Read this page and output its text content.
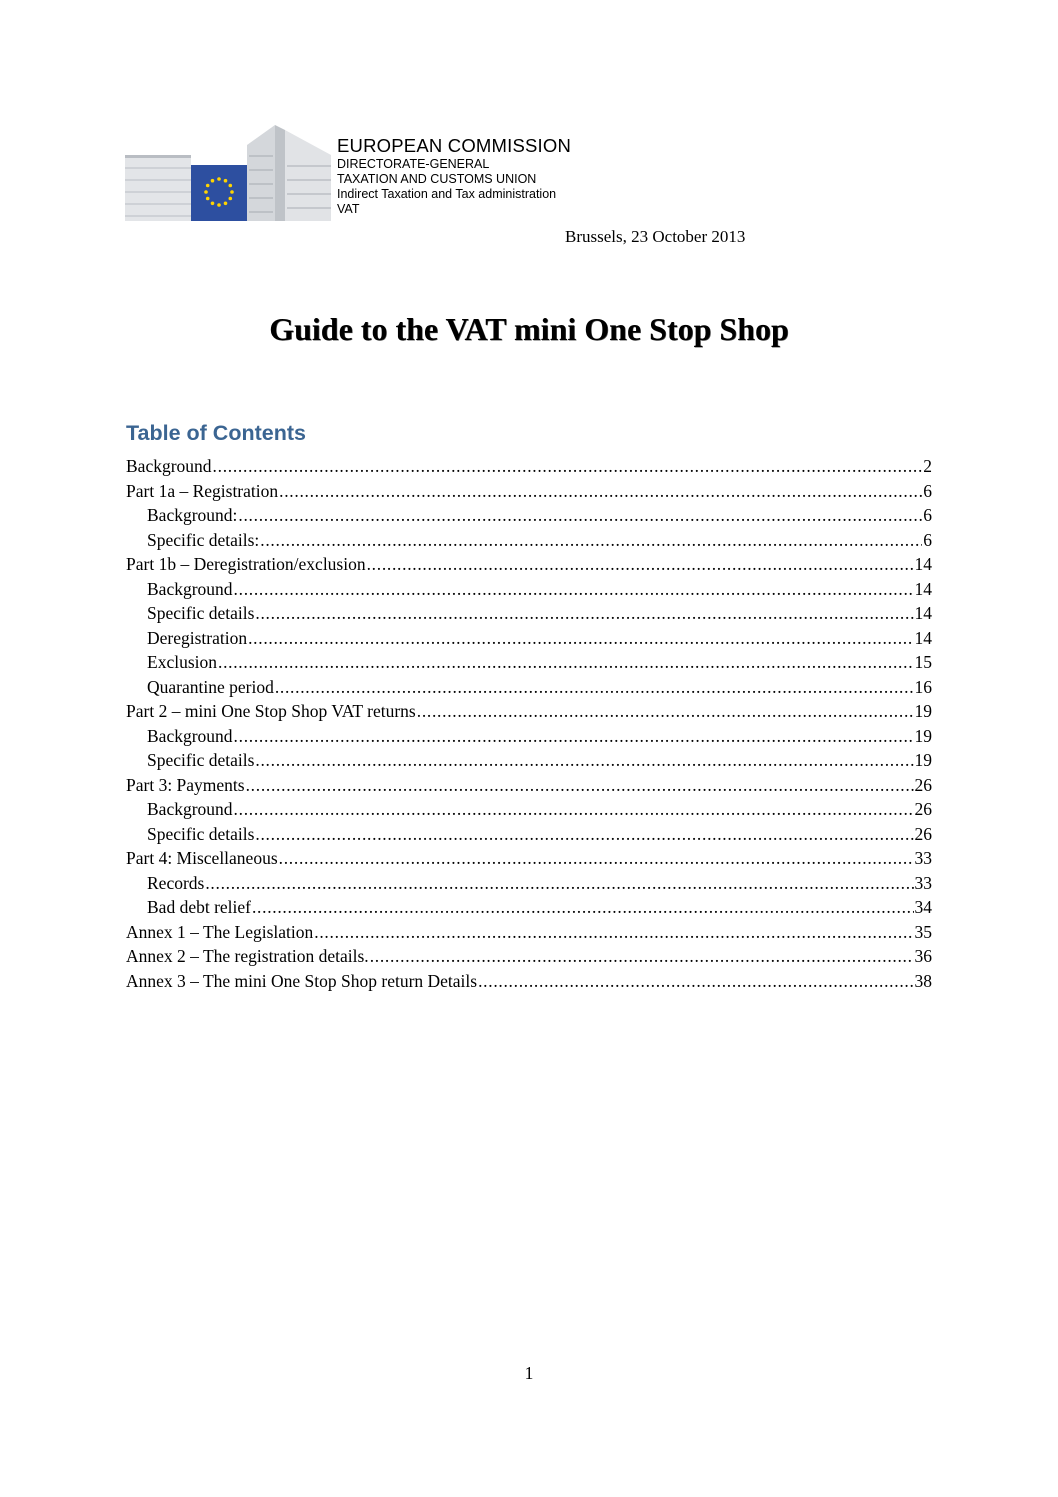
EUROPEAN COMMISSION
DIRECTORATE-GENERAL
TAXATION AND CUSTOMS UNION
Indirect Taxation and Tax administration
VAT
Brussels, 23 October 2013
Guide to the VAT mini One Stop Shop
Table of Contents
Background .....	2
Part 1a – Registration .....	6
Background: .....	6
Specific details: .....	6
Part 1b – Deregistration/exclusion .....	14
Background .....	14
Specific details .....	14
Deregistration .....	14
Exclusion .....	15
Quarantine period .....	16
Part 2 – mini One Stop Shop VAT returns .....	19
Background .....	19
Specific details .....	19
Part 3: Payments .....	26
Background .....	26
Specific details .....	26
Part 4: Miscellaneous .....	33
Records .....	33
Bad debt relief .....	34
Annex 1 – The Legislation .....	35
Annex 2 – The registration details. .....	36
Annex 3 – The mini One Stop Shop return Details .....	38
1
